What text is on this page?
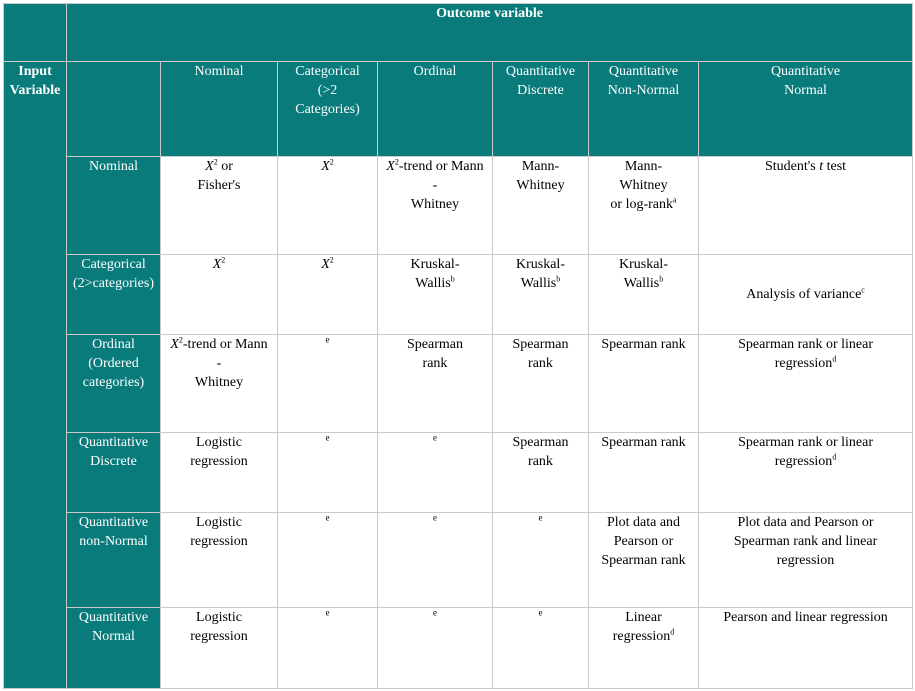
	Outcome variable						

Input
Variable		Nominal	Categorical
(>2
Categories)	Ordinal	Quantitative
Discrete	Quantitative
Non-Normal	Quantitative
Normal

	Nominal	$X^2$ or
Fisher's	$X^2$	$X^2$-trend or Mann
-
Whitney	Mann-
Whitney	Mann-
Whitney
or log-rank$^a$	Student's t test

	Categorical
(2>categories)	$X^2$	$X^2$	Kruskal-
Wallis$^b$	Kruskal-
Wallis$^b$	Kruskal-
Wallis$^b$	Analysis of variance$^c$

	Ordinal
(Ordered
categories)	$X^2$-trend or Mann
-
Whitney	$^e$	Spearman
rank	Spearman
rank	Spearman rank	Spearman rank or linear
regression$^d$

	Quantitative
Discrete	Logistic
regression	$^e$	$^e$	Spearman
rank	Spearman rank	Spearman rank or linear
regression$^d$

	Quantitative
non-Normal	Logistic
regression	$^e$	$^e$	$^e$	Plot data and
Pearson or
Spearman rank	Plot data and Pearson or
Spearman rank and linear
regression

	Quantitative
Normal	Logistic
regression	$^e$	$^e$	$^e$	Linear
regression$^d$	Pearson and linear regression
